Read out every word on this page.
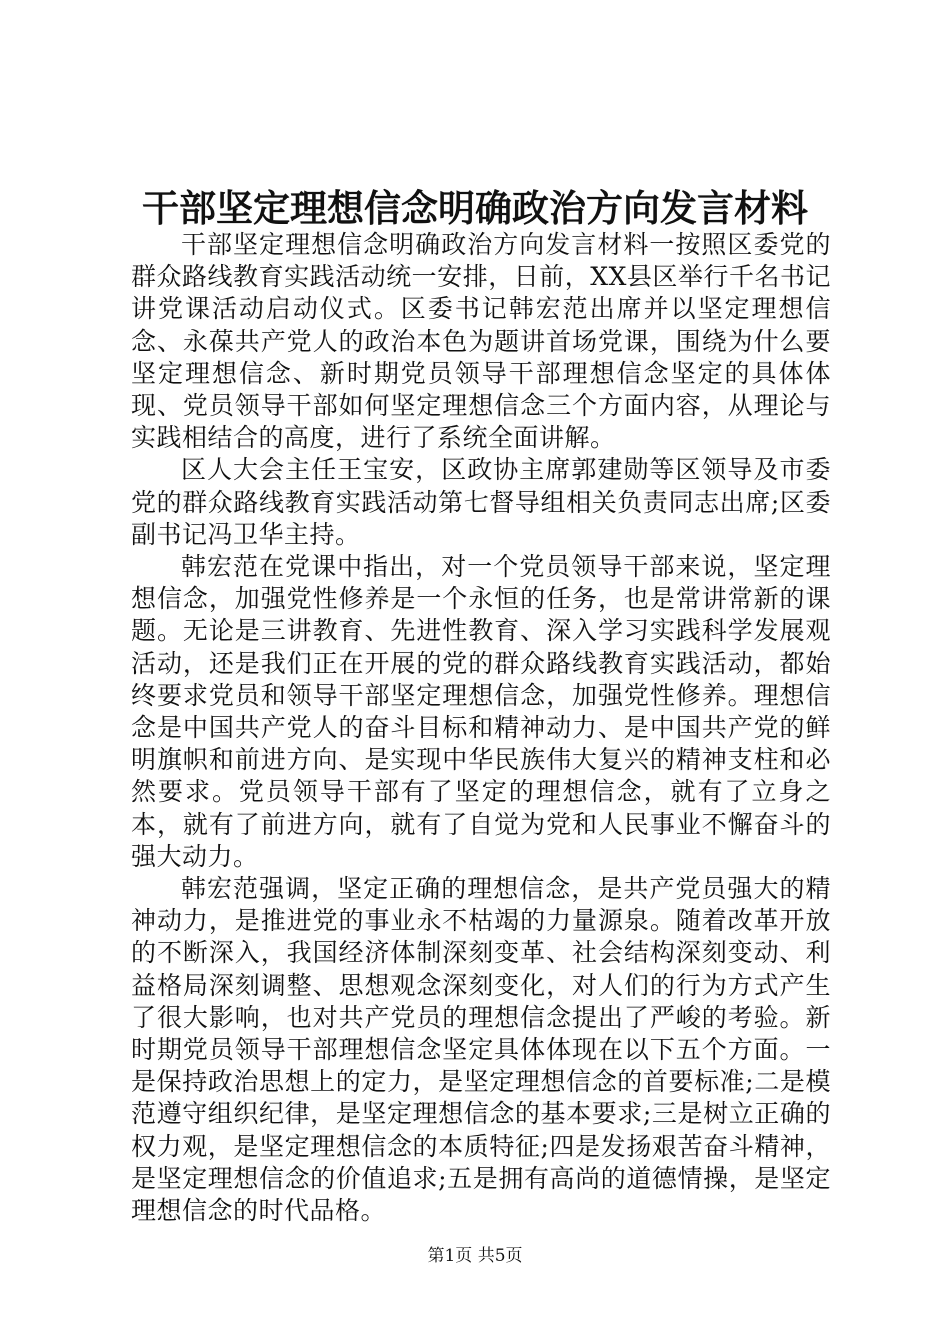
干部坚定理想信念明确政治方向发言材料

干部坚定理想信念明确政治方向发言材料一按照区委党的群众路线教育实践活动统一安排，日前，XX县区举行千名书记讲党课活动启动仪式。区委书记韩宏范出席并以坚定理想信念、永葆共产党人的政治本色为题讲首场党课，围绕为什么要坚定理想信念、新时期党员领导干部理想信念坚定的具体体现、党员领导干部如何坚定理想信念三个方面内容，从理论与实践相结合的高度，进行了系统全面讲解。

区人大会主任王宝安，区政协主席郭建勋等区领导及市委党的群众路线教育实践活动第七督导组相关负责同志出席;区委副书记冯卫华主持。

韩宏范在党课中指出，对一个党员领导干部来说，坚定理想信念，加强党性修养是一个永恒的任务，也是常讲常新的课题。无论是三讲教育、先进性教育、深入学习实践科学发展观活动，还是我们正在开展的党的群众路线教育实践活动，都始终要求党员和领导干部坚定理想信念，加强党性修养。理想信念是中国共产党人的奋斗目标和精神动力、是中国共产党的鲜明旗帜和前进方向、是实现中华民族伟大复兴的精神支柱和必然要求。党员领导干部有了坚定的理想信念，就有了立身之本，就有了前进方向，就有了自觉为党和人民事业不懈奋斗的强大动力。

韩宏范强调，坚定正确的理想信念，是共产党员强大的精神动力，是推进党的事业永不枯竭的力量源泉。随着改革开放的不断深入，我国经济体制深刻变革、社会结构深刻变动、利益格局深刻调整、思想观念深刻变化，对人们的行为方式产生了很大影响，也对共产党员的理想信念提出了严峻的考验。新时期党员领导干部理想信念坚定具体体现在以下五个方面。一是保持政治思想上的定力，是坚定理想信念的首要标准;二是模范遵守组织纪律，是坚定理想信念的基本要求;三是树立正确的权力观，是坚定理想信念的本质特征;四是发扬艰苦奋斗精神，是坚定理想信念的价值追求;五是拥有高尚的道德情操，是坚定理想信念的时代品格。

第1页 共5页
